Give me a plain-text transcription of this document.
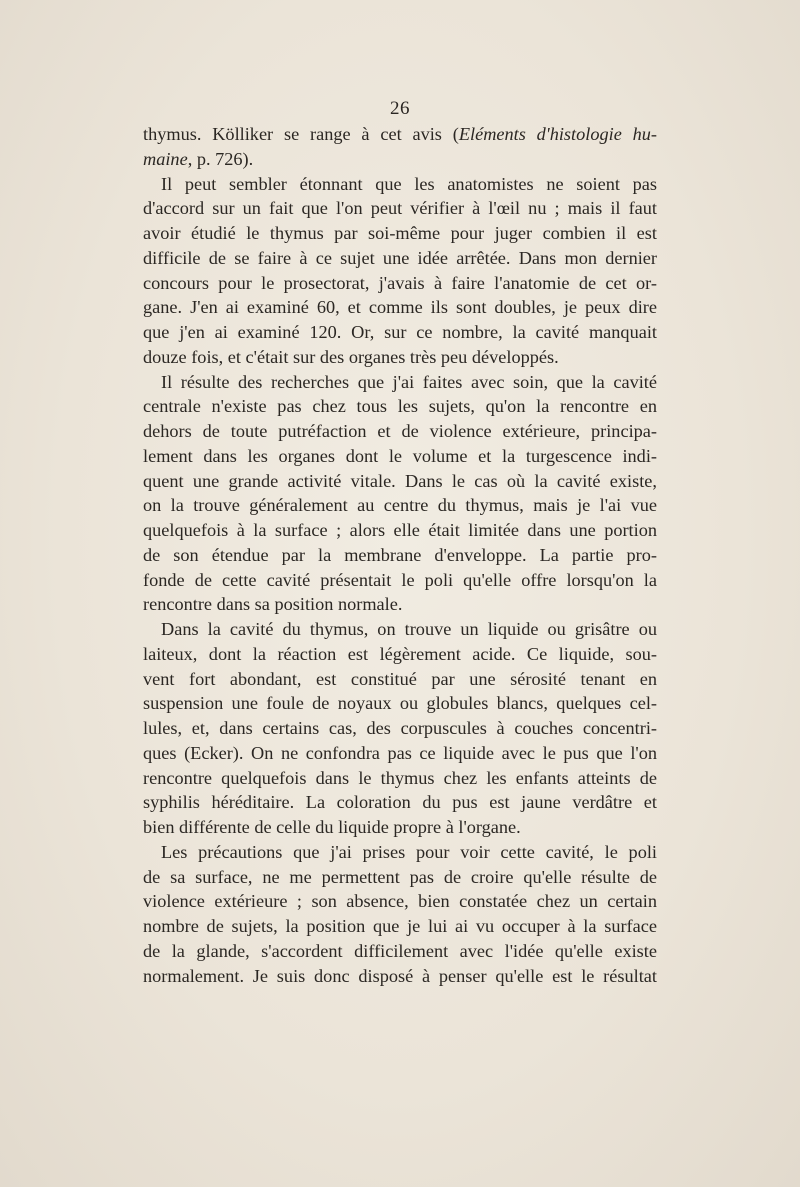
26
thymus. Kölliker se range à cet avis (Eléments d'histologie hu-
maine, p. 726).
Il peut sembler étonnant que les anatomistes ne soient pas
d'accord sur un fait que l'on peut vérifier à l'œil nu ; mais il faut
avoir étudié le thymus par soi-même pour juger combien il est
difficile de se faire à ce sujet une idée arrêtée. Dans mon dernier
concours pour le prosectorat, j'avais à faire l'anatomie de cet or-
gane. J'en ai examiné 60, et comme ils sont doubles, je peux dire
que j'en ai examiné 120. Or, sur ce nombre, la cavité manquait
douze fois, et c'était sur des organes très peu développés.
Il résulte des recherches que j'ai faites avec soin, que la cavité
centrale n'existe pas chez tous les sujets, qu'on la rencontre en
dehors de toute putréfaction et de violence extérieure, principa-
lement dans les organes dont le volume et la turgescence indi-
quent une grande activité vitale. Dans le cas où la cavité existe,
on la trouve généralement au centre du thymus, mais je l'ai vue
quelquefois à la surface ; alors elle était limitée dans une portion
de son étendue par la membrane d'enveloppe. La partie pro-
fonde de cette cavité présentait le poli qu'elle offre lorsqu'on la
rencontre dans sa position normale.
Dans la cavité du thymus, on trouve un liquide ou grisâtre ou
laiteux, dont la réaction est légèrement acide. Ce liquide, sou-
vent fort abondant, est constitué par une sérosité tenant en
suspension une foule de noyaux ou globules blancs, quelques cel-
lules, et, dans certains cas, des corpuscules à couches concentri-
ques (Ecker). On ne confondra pas ce liquide avec le pus que l'on
rencontre quelquefois dans le thymus chez les enfants atteints de
syphilis héréditaire. La coloration du pus est jaune verdâtre et
bien différente de celle du liquide propre à l'organe.
Les précautions que j'ai prises pour voir cette cavité, le poli
de sa surface, ne me permettent pas de croire qu'elle résulte de
violence extérieure ; son absence, bien constatée chez un certain
nombre de sujets, la position que je lui ai vu occuper à la surface
de la glande, s'accordent difficilement avec l'idée qu'elle existe
normalement. Je suis donc disposé à penser qu'elle est le résultat
